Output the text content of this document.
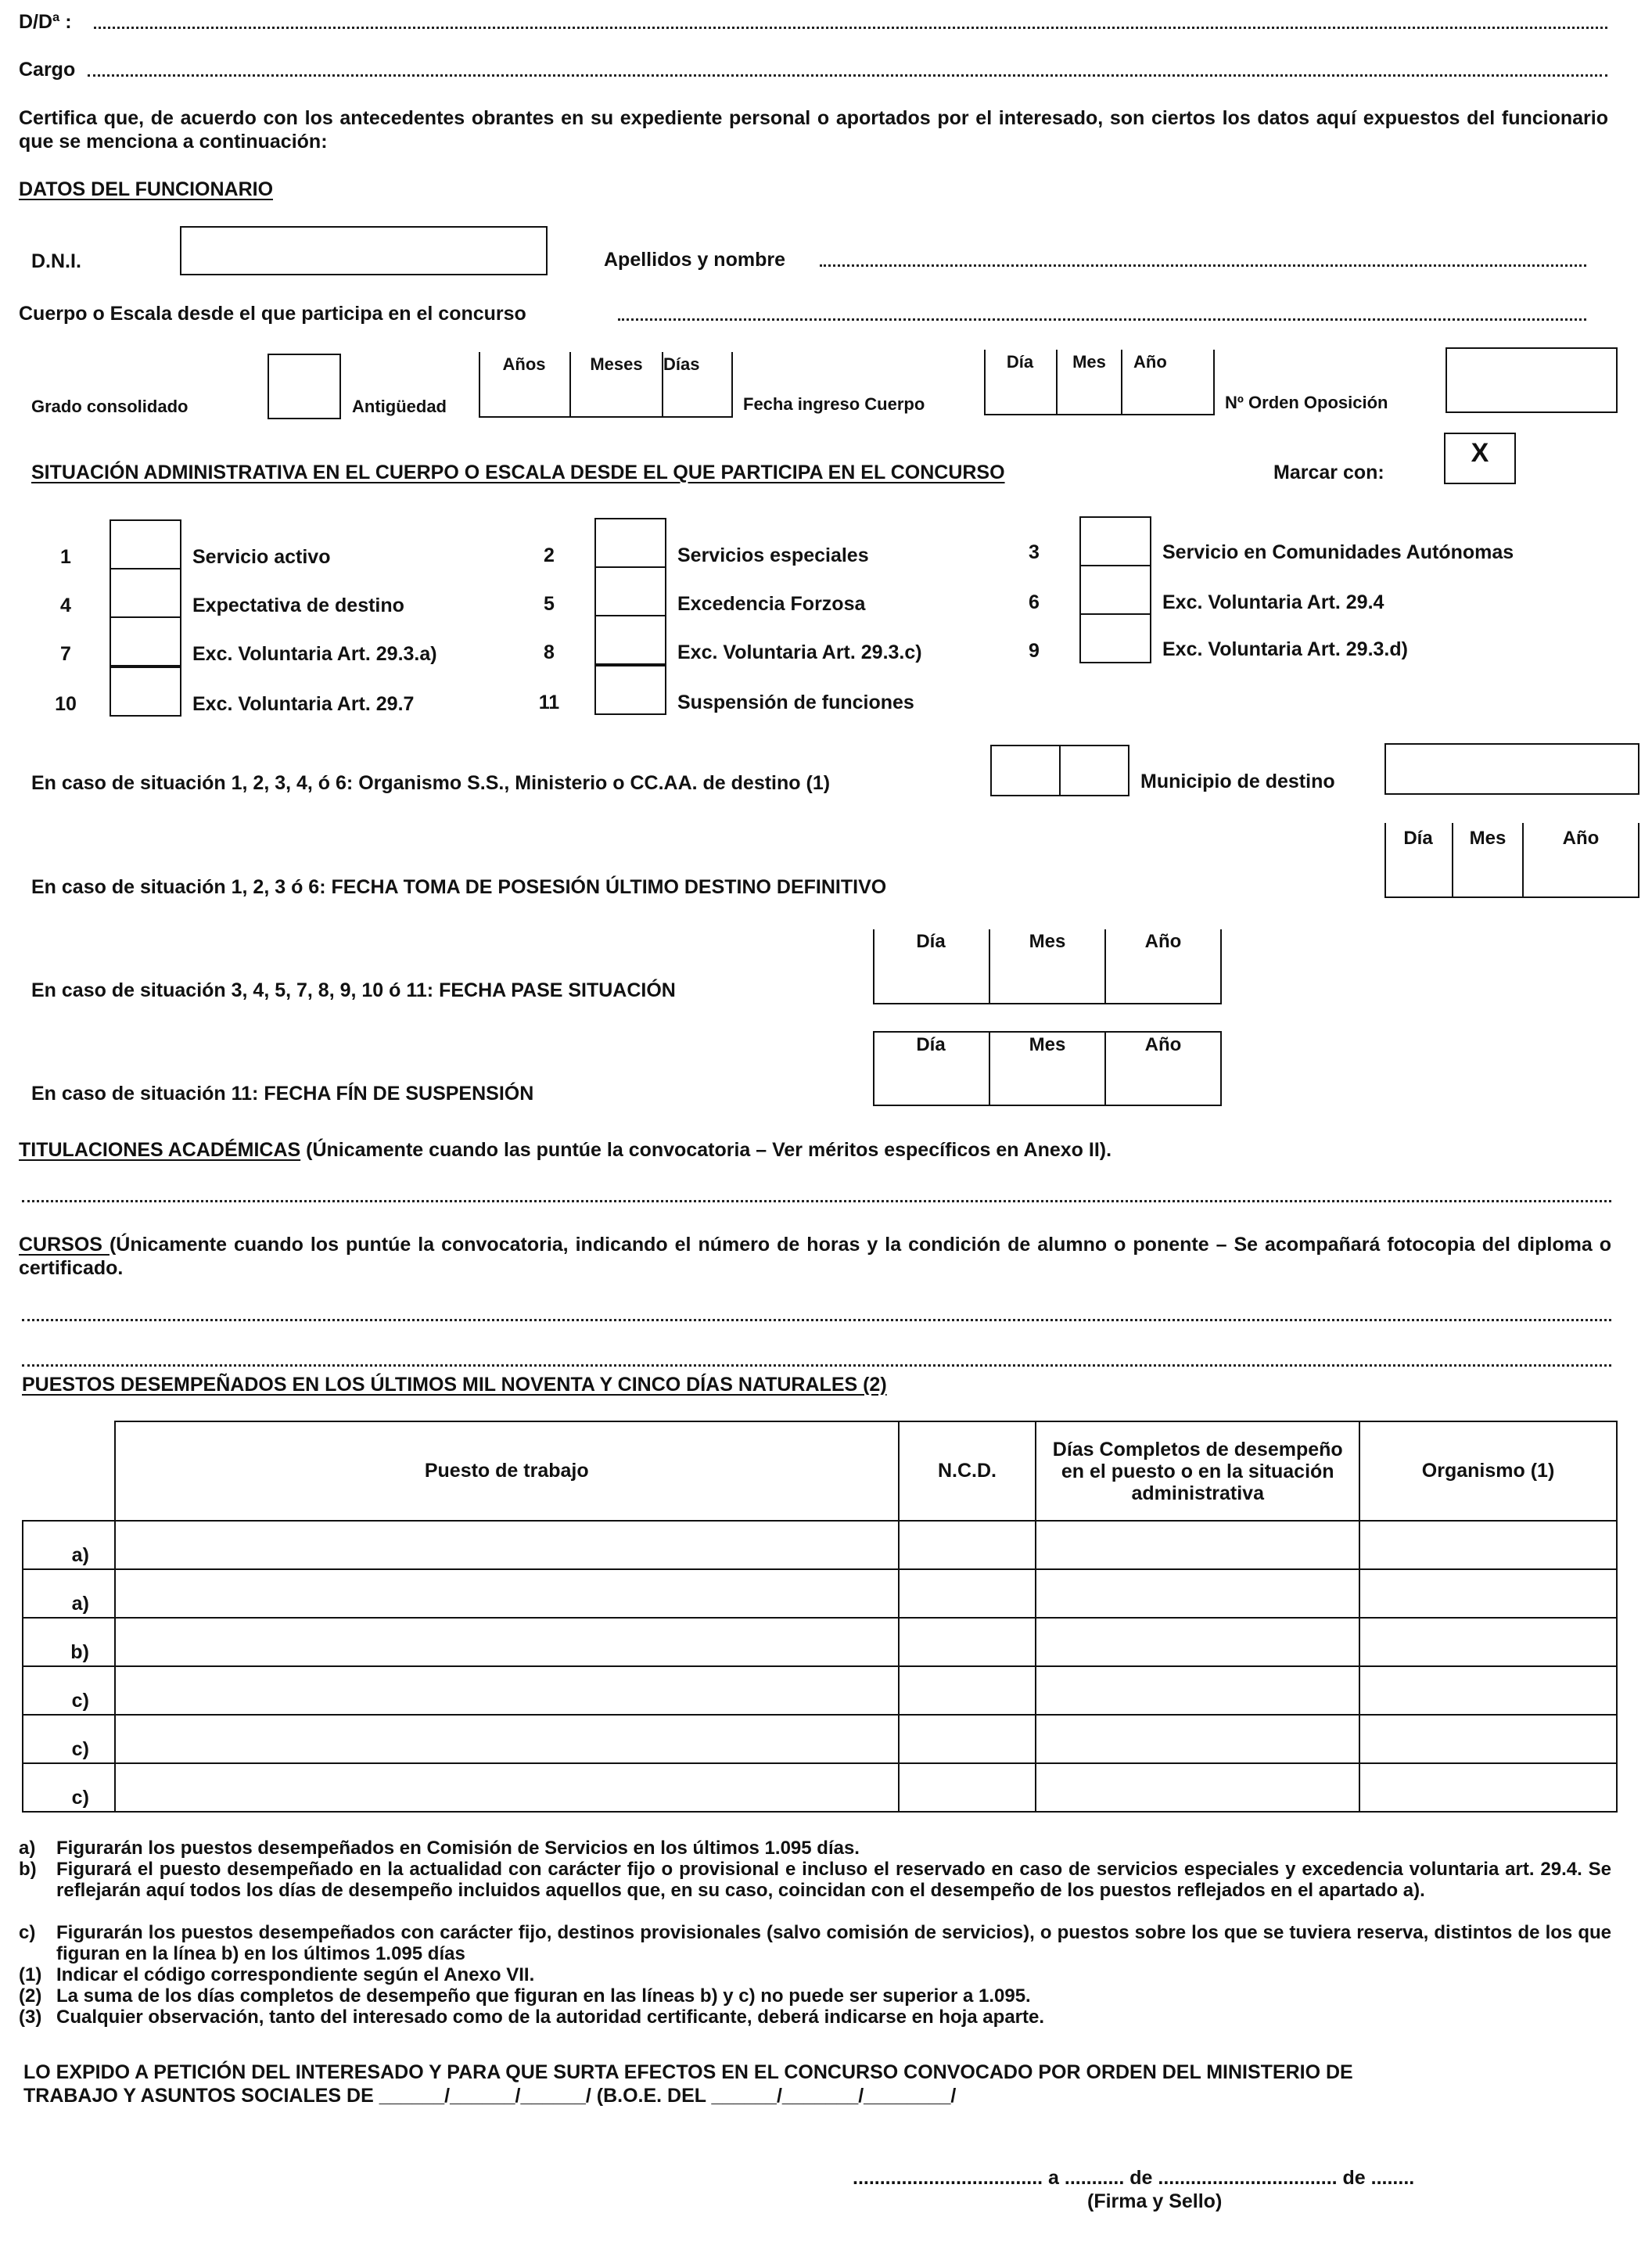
D/Dª :
Cargo
Certifica que, de acuerdo con los antecedentes obrantes en su expediente personal o aportados por el interesado, son ciertos los datos aquí expuestos del funcionario que se menciona a continuación:
DATOS DEL FUNCIONARIO
D.N.I.	Apellidos y nombre
Cuerpo o Escala desde el que participa en el concurso
Grado consolidado	Antigüedad
Años	Meses	Días
Fecha ingreso Cuerpo
Día	Mes	Año
Nº Orden Oposición
SITUACIÓN ADMINISTRATIVA EN EL CUERPO O ESCALA DESDE EL QUE PARTICIPA EN EL CONCURSO	Marcar con:
X
1	Servicio activo	2	Servicios especiales	3	Servicio en Comunidades Autónomas
4	Expectativa de destino	5	Excedencia Forzosa	6	Exc. Voluntaria Art. 29.4
7	Exc. Voluntaria Art. 29.3.a)	8	Exc. Voluntaria Art. 29.3.c)	9	Exc. Voluntaria Art. 29.3.d)
10	Exc. Voluntaria Art. 29.7	11	Suspensión de funciones
En caso de situación 1, 2, 3, 4, ó 6: Organismo S.S., Ministerio o CC.AA. de destino (1)	Municipio de destino
Día	Mes	Año
En caso de situación 1, 2, 3 ó 6: FECHA TOMA DE POSESIÓN ÚLTIMO DESTINO DEFINITIVO
Día	Mes	Año
En caso de situación 3, 4, 5, 7, 8, 9, 10 ó 11: FECHA PASE SITUACIÓN
Día	Mes	Año
En caso de situación 11: FECHA FÍN DE SUSPENSIÓN
TITULACIONES ACADÉMICAS (Únicamente cuando las puntúe la convocatoria – Ver méritos específicos en Anexo II).
CURSOS (Únicamente cuando los puntúe la convocatoria, indicando el número de horas y la condición de alumno o ponente – Se acompañará fotocopia del diploma o certificado.
PUESTOS DESEMPEÑADOS EN LOS ÚLTIMOS MIL NOVENTA Y CINCO DÍAS NATURALES (2)
	Puesto de trabajo	N.C.D.	Días Completos de desempeño en el puesto o en la situación administrativa	Organismo (1)
a)				
a)				
b)				
c)				
c)				
c)				
a) Figurarán los puestos desempeñados en Comisión de Servicios en los últimos 1.095 días.
b) Figurará el puesto desempeñado en la actualidad con carácter fijo o provisional e incluso el reservado en caso de servicios especiales y excedencia voluntaria art. 29.4. Se reflejarán aquí todos los días de desempeño incluidos aquellos que, en su caso, coincidan con el desempeño de los puestos reflejados en el apartado a).
c) Figurarán los puestos desempeñados con carácter fijo, destinos provisionales (salvo comisión de servicios), o puestos sobre los que se tuviera reserva, distintos de los que figuran en la línea b) en los últimos 1.095 días
(1) Indicar el código correspondiente según el Anexo VII.
(2) La suma de los días completos de desempeño que figuran en las líneas b) y c) no puede ser superior a 1.095.
(3) Cualquier observación, tanto del interesado como de la autoridad certificante, deberá indicarse en hoja aparte.
LO EXPIDO A PETICIÓN DEL INTERESADO Y PARA QUE SURTA EFECTOS EN EL CONCURSO CONVOCADO POR ORDEN DEL MINISTERIO DE
TRABAJO Y ASUNTOS SOCIALES DE ______/______/______/ (B.O.E. DEL ______/_______/________/
................................... a ........... de ................................. de ........
(Firma y Sello)
